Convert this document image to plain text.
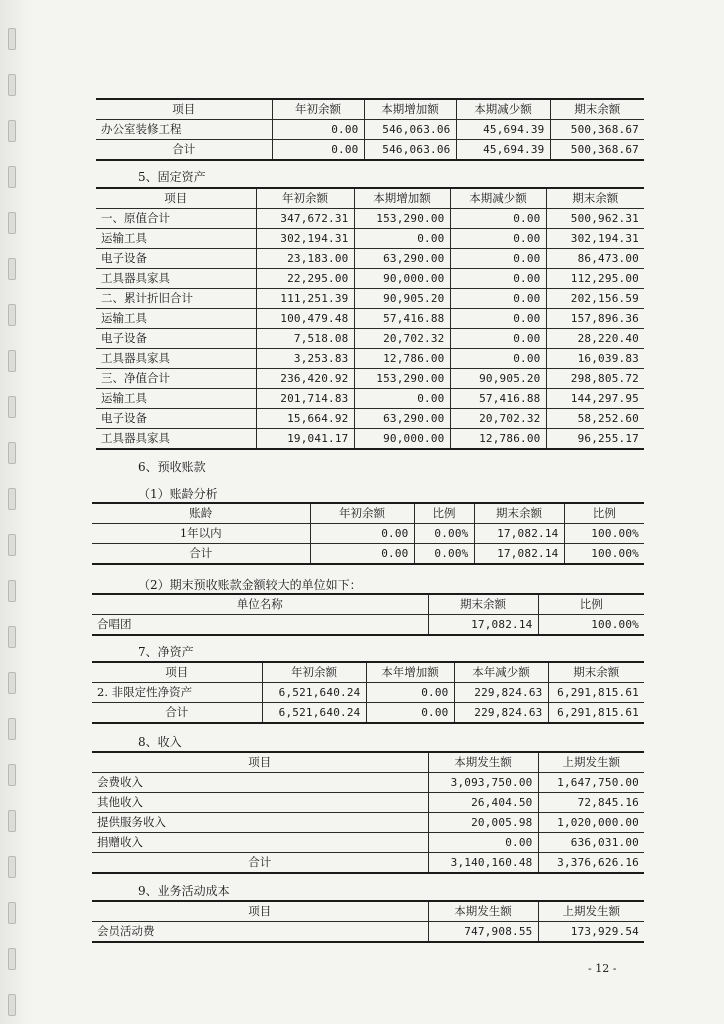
项目	年初余额	本期增加额	本期减少额	期末余额
办公室装修工程	0.00	546,063.06	45,694.39	500,368.67
合计	0.00	546,063.06	45,694.39	500,368.67
5、固定资产
项目	年初余额	本期增加额	本期减少额	期末余额
一、原值合计	347,672.31	153,290.00	0.00	500,962.31
运输工具	302,194.31	0.00	0.00	302,194.31
电子设备	23,183.00	63,290.00	0.00	86,473.00
工具器具家具	22,295.00	90,000.00	0.00	112,295.00
二、累计折旧合计	111,251.39	90,905.20	0.00	202,156.59
运输工具	100,479.48	57,416.88	0.00	157,896.36
电子设备	7,518.08	20,702.32	0.00	28,220.40
工具器具家具	3,253.83	12,786.00	0.00	16,039.83
三、净值合计	236,420.92	153,290.00	90,905.20	298,805.72
运输工具	201,714.83	0.00	57,416.88	144,297.95
电子设备	15,664.92	63,290.00	20,702.32	58,252.60
工具器具家具	19,041.17	90,000.00	12,786.00	96,255.17
6、预收账款
（1）账龄分析
账龄	年初余额	比例	期末余额	比例
1年以内	0.00	0.00%	17,082.14	100.00%
合计	0.00	0.00%	17,082.14	100.00%
（2）期末预收账款金额较大的单位如下：
单位名称	期末余额	比例
合唱团	17,082.14	100.00%
7、净资产
项目	年初余额	本年增加额	本年减少额	期末余额
2. 非限定性净资产	6,521,640.24	0.00	229,824.63	6,291,815.61
合计	6,521,640.24	0.00	229,824.63	6,291,815.61
8、收入
项目	本期发生额	上期发生额
会费收入	3,093,750.00	1,647,750.00
其他收入	26,404.50	72,845.16
提供服务收入	20,005.98	1,020,000.00
捐赠收入	0.00	636,031.00
合计	3,140,160.48	3,376,626.16
9、业务活动成本
项目	本期发生额	上期发生额
会员活动费	747,908.55	173,929.54
- 12 -
